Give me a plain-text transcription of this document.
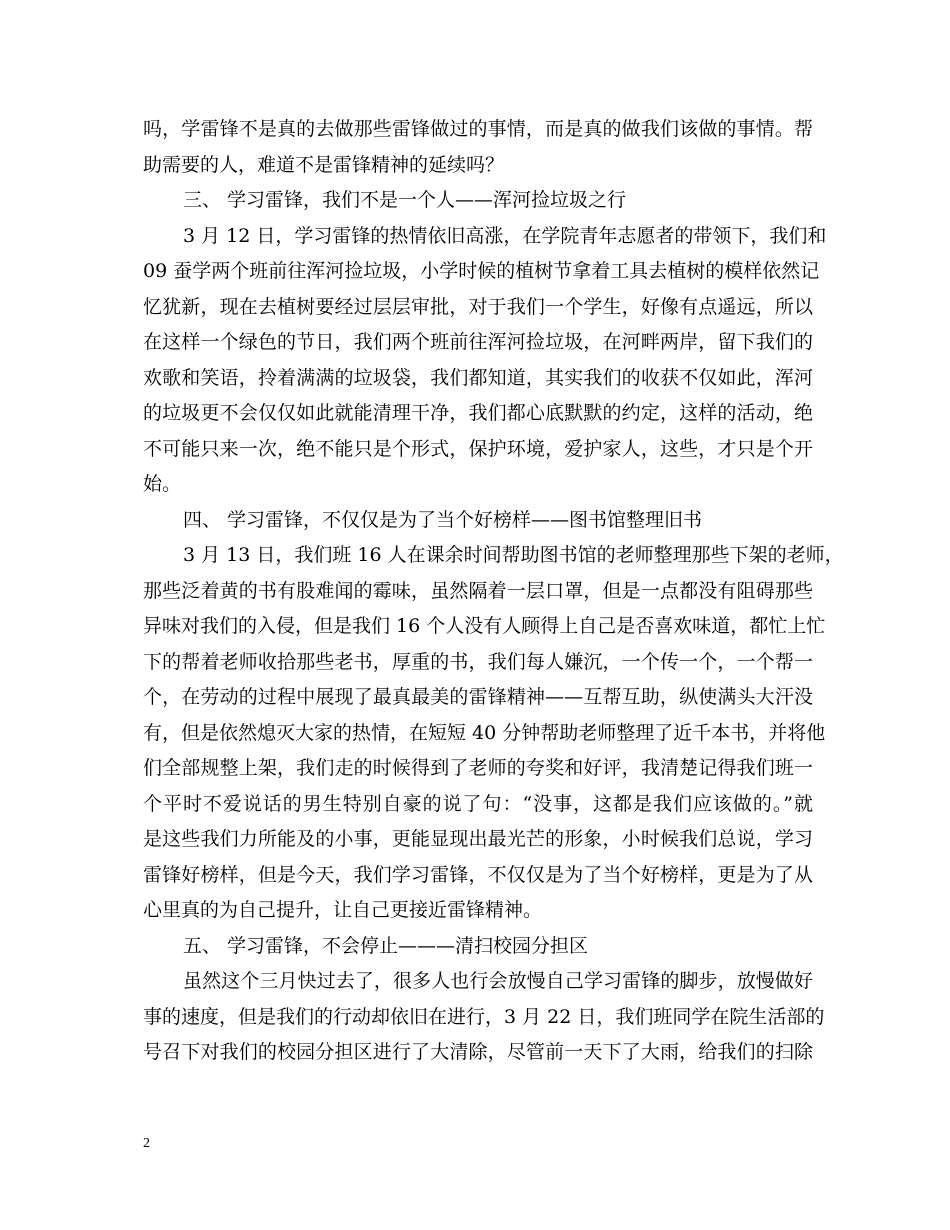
吗，学雷锋不是真的去做那些雷锋做过的事情，而是真的做我们该做的事情。帮
助需要的人，难道不是雷锋精神的延续吗？
三、 学习雷锋，我们不是一个人——浑河捡垃圾之行
3 月 12 日，学习雷锋的热情依旧高涨，在学院青年志愿者的带领下，我们和
09 蚕学两个班前往浑河捡垃圾，小学时候的植树节拿着工具去植树的模样依然记
忆犹新，现在去植树要经过层层审批，对于我们一个学生，好像有点遥远，所以
在这样一个绿色的节日，我们两个班前往浑河捡垃圾，在河畔两岸，留下我们的
欢歌和笑语，拎着满满的垃圾袋，我们都知道，其实我们的收获不仅如此，浑河
的垃圾更不会仅仅如此就能清理干净，我们都心底默默的约定，这样的活动，绝
不可能只来一次，绝不能只是个形式，保护环境，爱护家人，这些，才只是个开
始。
四、 学习雷锋，不仅仅是为了当个好榜样——图书馆整理旧书
3 月 13 日，我们班 16 人在课余时间帮助图书馆的老师整理那些下架的老师，
那些泛着黄的书有股难闻的霉味，虽然隔着一层口罩，但是一点都没有阻碍那些
异味对我们的入侵，但是我们 16 个人没有人顾得上自己是否喜欢味道，都忙上忙
下的帮着老师收拾那些老书，厚重的书，我们每人嫌沉，一个传一个，一个帮一
个，在劳动的过程中展现了最真最美的雷锋精神——互帮互助，纵使满头大汗没
有，但是依然熄灭大家的热情，在短短 40 分钟帮助老师整理了近千本书，并将他
们全部规整上架，我们走的时候得到了老师的夸奖和好评，我清楚记得我们班一
个平时不爱说话的男生特别自豪的说了句：“没事，这都是我们应该做的。”就
是这些我们力所能及的小事，更能显现出最光芒的形象，小时候我们总说，学习
雷锋好榜样，但是今天，我们学习雷锋，不仅仅是为了当个好榜样，更是为了从
心里真的为自己提升，让自己更接近雷锋精神。
五、 学习雷锋，不会停止———清扫校园分担区
虽然这个三月快过去了，很多人也行会放慢自己学习雷锋的脚步，放慢做好
事的速度，但是我们的行动却依旧在进行，3 月 22 日，我们班同学在院生活部的
号召下对我们的校园分担区进行了大清除，尽管前一天下了大雨，给我们的扫除
2
